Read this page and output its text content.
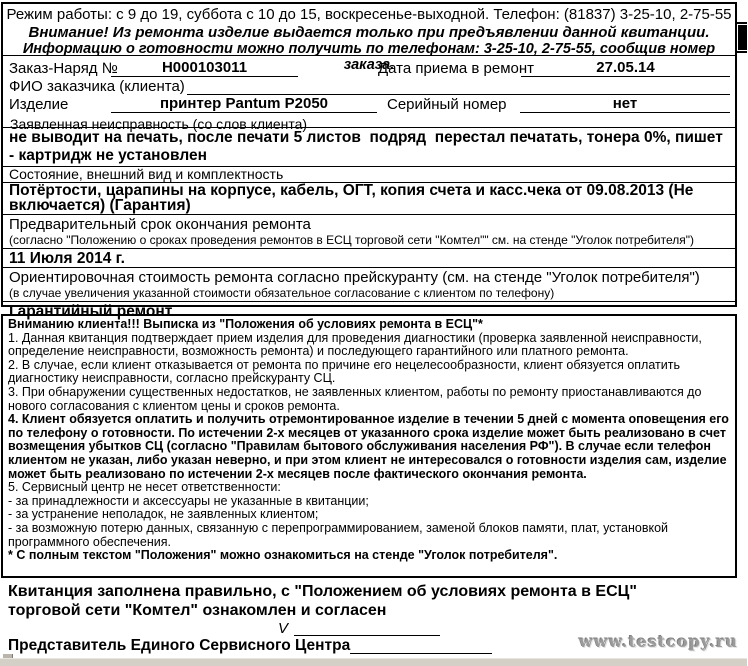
Режим работы: с 9 до 19, суббота с 10 до 15, воскресенье-выходной. Телефон: (81837) 3-25-10, 2-75-55
Внимание! Из ремонта изделие выдается только при предъявлении данной квитанции.
Информацию о готовности можно получить по телефонам: 3-25-10, 2-75-55, сообщив номер заказа.
Заказ-Наряд №	Н000103011	Дата приема в ремонт	27.05.14
ФИО заказчика (клиента)
Изделие	принтер Pantum P2050	Серийный номер	нет
Заявленная неисправность (со слов клиента)
не выводит на печать, после печати 5 листов  подряд  перестал печатать, тонера 0%, пишет - картридж не установлен
Состояние, внешний вид и комплектность
Потёртости, царапины на корпусе, кабель, ОГТ, копия счета и касс.чека от 09.08.2013 (Не включается) (Гарантия)
Предварительный срок окончания ремонта
(согласно "Положению о сроках проведения ремонтов в ЕСЦ торговой сети "Комтел"" см. на стенде "Уголок потребителя")
11 Июля 2014 г.
Ориентировочная стоимость ремонта согласно прейскуранту (см. на стенде "Уголок потребителя")
(в случае увеличения указанной стоимости обязательное согласование с клиентом по телефону)
Гарантийный ремонт
Вниманию клиента!!! Выписка из "Положения об условиях ремонта в ЕСЦ"*
1. Данная квитанция подтверждает прием изделия для проведения диагностики (проверка заявленной неисправности, определение неисправности, возможность ремонта) и последующего гарантийного или платного ремонта.
2. В случае, если клиент отказывается от ремонта по причине его нецелесообразности, клиент обязуется оплатить диагностику неисправности, согласно прейскуранту СЦ.
3. При обнаружении существенных недостатков, не заявленных клиентом, работы по ремонту приостанавливаются до нового согласования с клиентом цены и сроков ремонта.
4. Клиент обязуется оплатить и получить отремонтированное изделие в течении 5 дней с момента оповещения его по телефону о готовности. По истечении 2-х месяцев от указанного срока изделие может быть реализовано в счет возмещения убытков СЦ (согласно "Правилам бытового обслуживания населения РФ"). В случае если телефон клиентом не указан, либо указан неверно, и при этом клиент не интересовался о готовности изделия сам, изделие может быть реализовано по истечении 2-х месяцев после фактического окончания ремонта.
5. Сервисный центр не несет ответственности:
- за принадлежности и аксессуары не указанные в квитанции;
- за устранение неполадок, не заявленных клиентом;
- за возможную потерю данных, связанную с перепрограммированием, заменой блоков памяти, плат, установкой программного обеспечения.
* С полным текстом "Положения" можно ознакомиться на стенде "Уголок потребителя".
Квитанция заполнена правильно, с "Положением об условиях ремонта в ЕСЦ" торговой сети "Комтел" ознакомлен и согласен
V
Представитель Единого Сервисного Центра	www.testcopy.ru
